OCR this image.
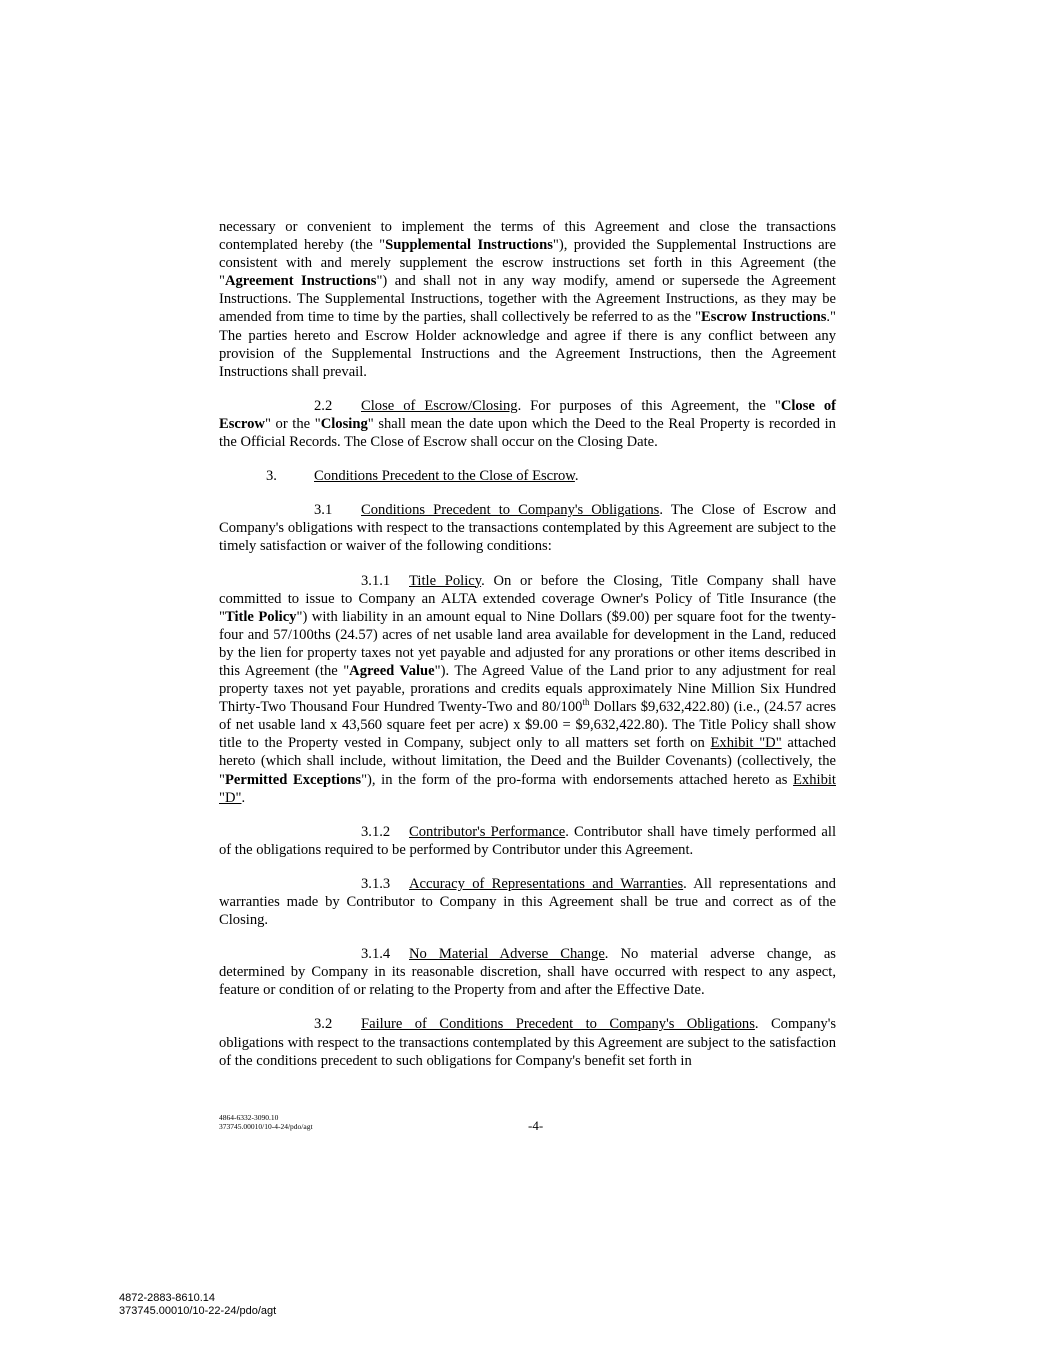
necessary or convenient to implement the terms of this Agreement and close the transactions contemplated hereby (the "Supplemental Instructions"), provided the Supplemental Instructions are consistent with and merely supplement the escrow instructions set forth in this Agreement (the "Agreement Instructions") and shall not in any way modify, amend or supersede the Agreement Instructions. The Supplemental Instructions, together with the Agreement Instructions, as they may be amended from time to time by the parties, shall collectively be referred to as the "Escrow Instructions." The parties hereto and Escrow Holder acknowledge and agree if there is any conflict between any provision of the Supplemental Instructions and the Agreement Instructions, then the Agreement Instructions shall prevail.

2.2 Close of Escrow/Closing. For purposes of this Agreement, the "Close of Escrow" or the "Closing" shall mean the date upon which the Deed to the Real Property is recorded in the Official Records. The Close of Escrow shall occur on the Closing Date.

3.	Conditions Precedent to the Close of Escrow.

3.1 Conditions Precedent to Company's Obligations. The Close of Escrow and Company's obligations with respect to the transactions contemplated by this Agreement are subject to the timely satisfaction or waiver of the following conditions:

3.1.1 Title Policy. On or before the Closing, Title Company shall have committed to issue to Company an ALTA extended coverage Owner's Policy of Title Insurance (the "Title Policy") with liability in an amount equal to Nine Dollars ($9.00) per square foot for the twenty-four and 57/100ths (24.57) acres of net usable land area available for development in the Land, reduced by the lien for property taxes not yet payable and adjusted for any prorations or other items described in this Agreement (the "Agreed Value"). The Agreed Value of the Land prior to any adjustment for real property taxes not yet payable, prorations and credits equals approximately Nine Million Six Hundred Thirty-Two Thousand Four Hundred Twenty-Two and 80/100th Dollars $9,632,422.80) (i.e., (24.57 acres of net usable land x 43,560 square feet per acre) x $9.00 = $9,632,422.80). The Title Policy shall show title to the Property vested in Company, subject only to all matters set forth on Exhibit "D" attached hereto (which shall include, without limitation, the Deed and the Builder Covenants) (collectively, the "Permitted Exceptions"), in the form of the pro-forma with endorsements attached hereto as Exhibit "D".

3.1.2 Contributor's Performance. Contributor shall have timely performed all of the obligations required to be performed by Contributor under this Agreement.

3.1.3 Accuracy of Representations and Warranties. All representations and warranties made by Contributor to Company in this Agreement shall be true and correct as of the Closing.

3.1.4 No Material Adverse Change. No material adverse change, as determined by Company in its reasonable discretion, shall have occurred with respect to any aspect, feature or condition of or relating to the Property from and after the Effective Date.

3.2 Failure of Conditions Precedent to Company's Obligations. Company's obligations with respect to the transactions contemplated by this Agreement are subject to the satisfaction of the conditions precedent to such obligations for Company's benefit set forth in

4864-6332-3090.10
373745.00010/10-4-24/pdo/agt	-4-
4872-2883-8610.14
373745.00010/10-22-24/pdo/agt
